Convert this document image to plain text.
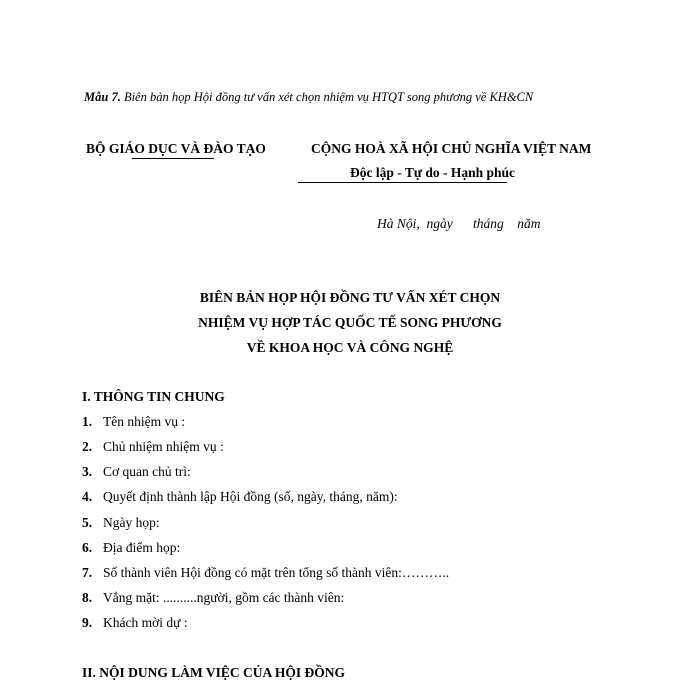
Mẫu 7. Biên bản họp Hội đồng tư vấn xét chọn nhiệm vụ HTQT song phương về KH&CN
BỘ GIÁO DỤC VÀ ĐÀO TẠO	CỘNG HOÀ XÃ HỘI CHỦ NGHĨA VIỆT NAM
Độc lập - Tự do - Hạnh phúc
Hà Nội,  ngày      tháng    năm
BIÊN BẢN HỌP HỘI ĐỒNG TƯ VẤN XÉT CHỌN
NHIỆM VỤ HỢP TÁC QUỐC TẾ SONG PHƯƠNG
VỀ KHOA HỌC VÀ CÔNG NGHỆ
I. THÔNG TIN CHUNG
1. Tên nhiệm vụ :
2. Chủ nhiệm nhiệm vụ :
3. Cơ quan chủ trì:
4. Quyết định thành lập Hội đồng (số, ngày, tháng, năm):
5. Ngày họp:
6. Địa điểm họp:
7. Số thành viên Hội đồng có mặt trên tổng số thành viên:………..
8. Vắng mặt: ..........người, gồm các thành viên:
9. Khách mời dự :
II. NỘI DUNG LÀM VIỆC CỦA HỘI ĐỒNG
